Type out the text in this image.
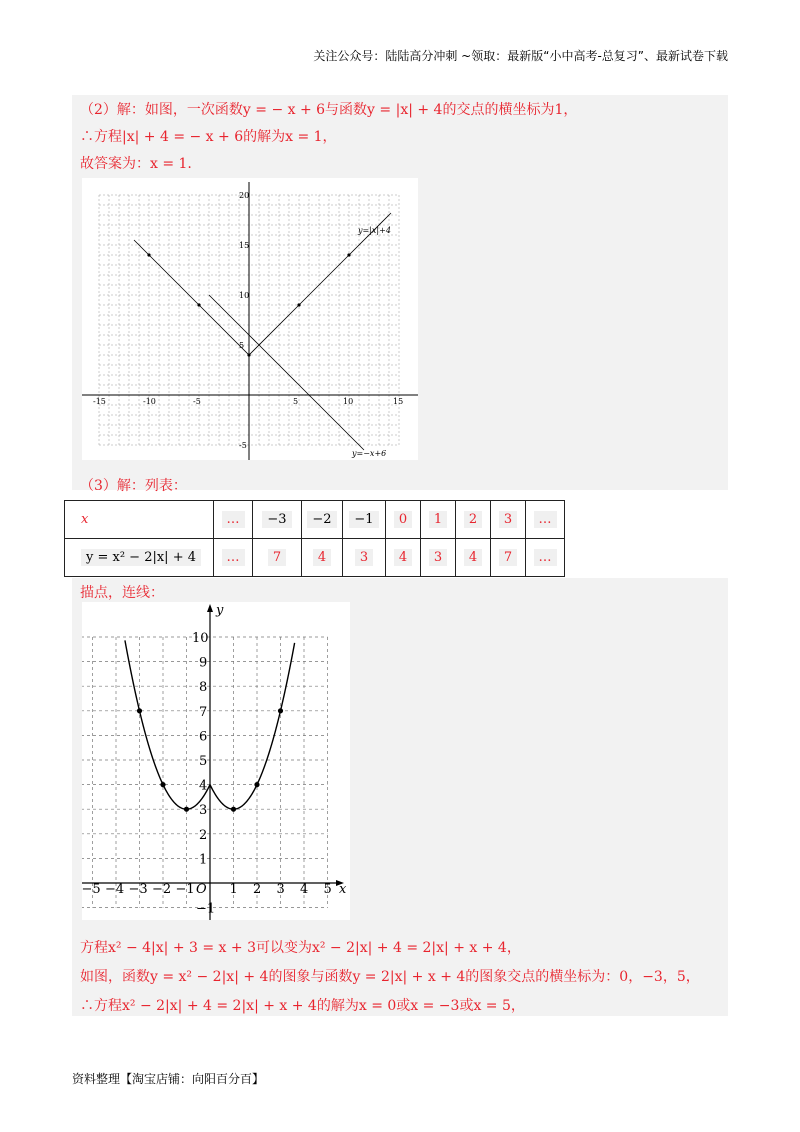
关注公众号：陆陆高分冲刺 ~领取：最新版“小中高考-总复习”、最新试卷下载
（2）解：如图，一次函数y = − x + 6与函数y = |x| + 4的交点的横坐标为1，
∴方程|x| + 4 = − x + 6的解为x = 1，
故答案为：x = 1.
-15	-10	-5	5	10	15
20
15
10
5
-5
y=|x|+4
y=−x+6
（3）解：列表：
x	…	−3	−2	−1	0	1	2	3	…
y = x² − 2|x| + 4	…	7	4	3	4	3	4	7	…
描点，连线：
−5 −4 −3 −2 −1	1 2 3 4 5
10
9
8
7
6
5
4
3
2
1
−1
O	x
y
方程x² − 4|x| + 3 = x + 3可以变为x² − 2|x| + 4 = 2|x| + x + 4，
如图，函数y = x² − 2|x| + 4的图象与函数y = 2|x| + x + 4的图象交点的横坐标为：0，−3，5，
∴方程x² − 2|x| + 4 = 2|x| + x + 4的解为x = 0或x = −3或x = 5，
资料整理【淘宝店铺：向阳百分百】
